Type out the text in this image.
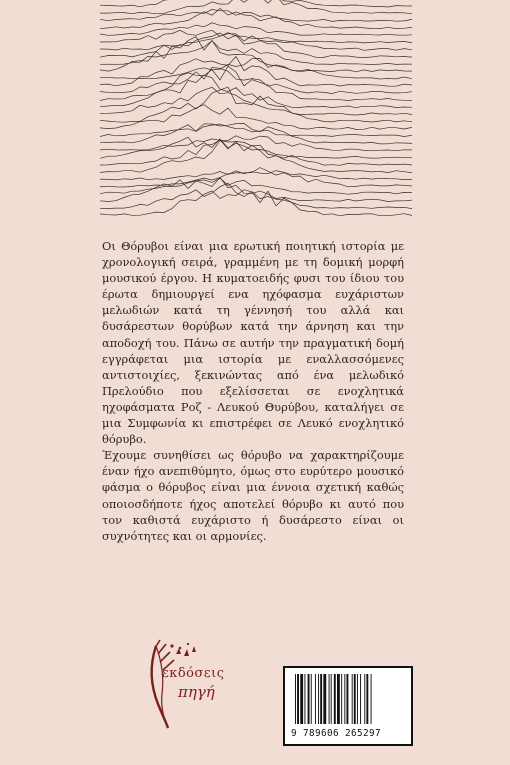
Οι Θόρυβοι είναι μια ερωτική ποιητική ιστορία με χρονολογική σειρά, γραμμένη με τη δομική μορφή μουσικού έργου. Η κυματοειδής φυσι του ίδιου του έρωτα δημιουργεί ενα ηχόφασμα ευχάριστων μελωδιών κατά τη γέννησή του αλλά και δυσάρεστων θορύβων κατά την άρνηση και την αποδοχή του. Πάνω σε αυτήν την πραγματική δομή εγγράφεται μια ιστορία με εναλλασσόμενες αντιστοιχίες, ξεκινώντας από ένα μελωδικό Πρελούδιο που εξελίσσεται σε ενοχλητικά ηχοφάσματα Ροζ - Λευκού Θυρύβου, καταλήγει σε μια Συμφωνία κι επιστρέφει σε Λευκό ενοχλητικό θόρυβο.

Έχουμε συνηθίσει ως θόρυβο να χαρακτηρίζουμε έναν ήχο ανεπιθύμητο, όμως στο ευρύτερο μουσικό φάσμα ο θόρυβος είναι μια έννοια σχετική καθώς οποιοσδήποτε ήχος αποτελεί θόρυβο κι αυτό που τον καθιστά ευχάριστο ή δυσάρεστο είναι οι συχνότητες και οι αρμονίες.

εκδόσεις
πηγή
9 789606 265297
